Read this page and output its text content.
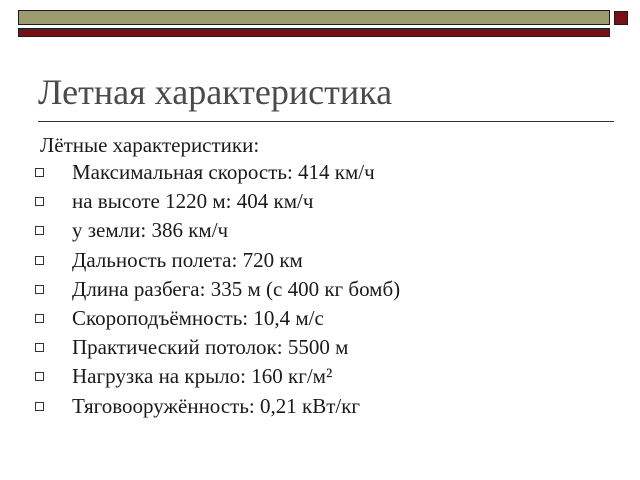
Летная характеристика
Лётные характеристики:
Максимальная скорость: 414 км/ч
на высоте 1220 м: 404 км/ч
у земли: 386 км/ч
Дальность полета: 720 км
Длина разбега: 335 м (с 400 кг бомб)
Скороподъёмность: 10,4 м/с
Практический потолок: 5500 м
Нагрузка на крыло: 160 кг/м²
Тяговооружённость: 0,21 кВт/кг
